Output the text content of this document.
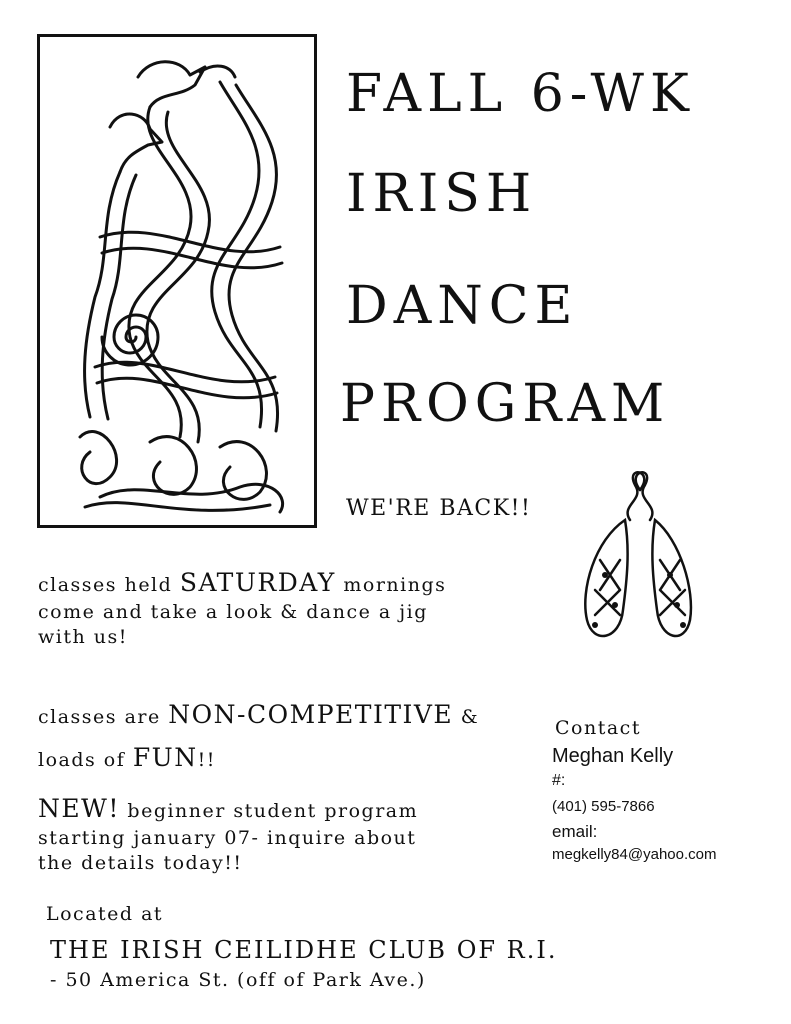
FALL 6-WK
IRISH
DANCE
PROGRAM
WE'RE BACK!!
classes held SATURDAY mornings
come and take a look & dance a jig
with us!
classes are NON-COMPETITIVE &
loads of FUN!!
NEW! beginner student program
starting january 07- inquire about
the details today!!
Located at
THE IRISH CEILIDHE CLUB OF R.I.
- 50 America St. (off of Park Ave.)
Contact
Meghan Kelly
#:
(401) 595-7866
email:
megkelly84@yahoo.com
